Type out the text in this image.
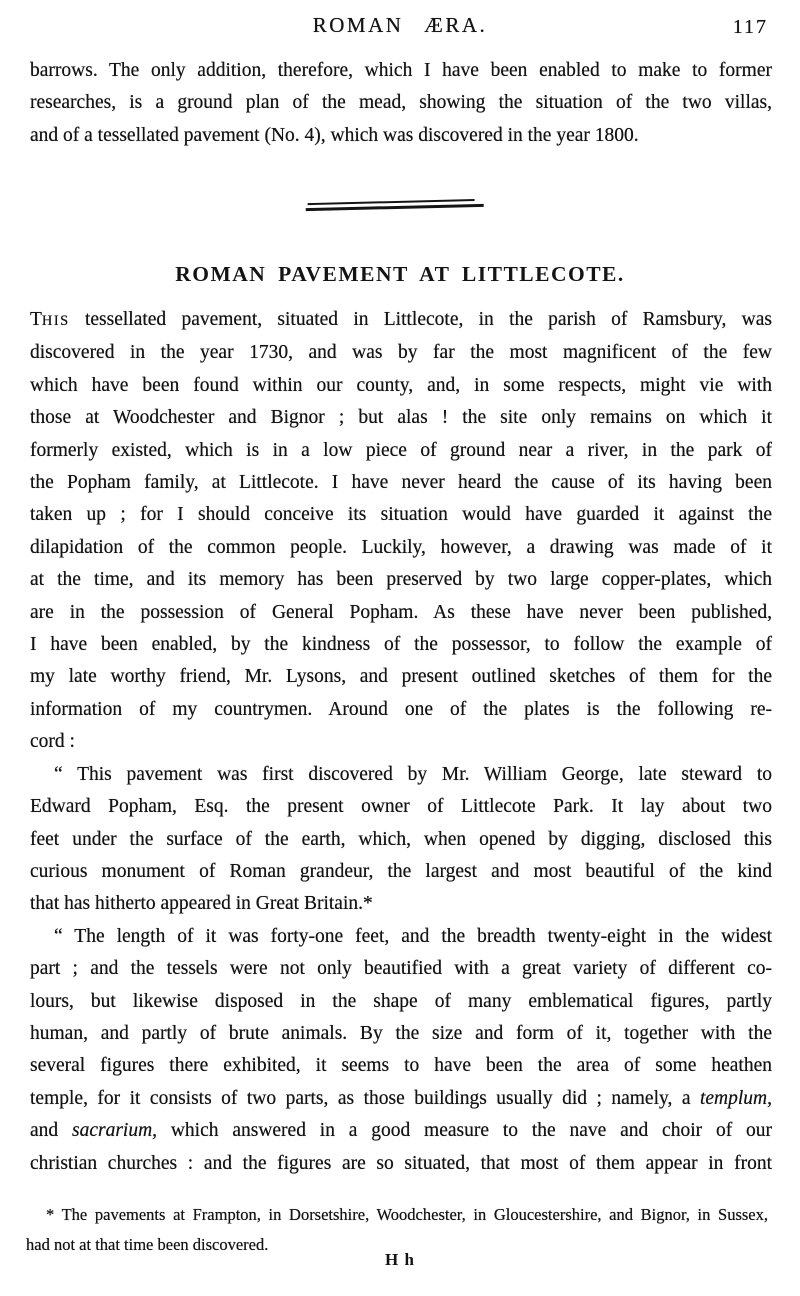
ROMAN ÆRA.	117
barrows. The only addition, therefore, which I have been enabled to make to former
researches, is a ground plan of the mead, showing the situation of the two villas,
and of a tessellated pavement (No. 4), which was discovered in the year 1800.
ROMAN PAVEMENT AT LITTLECOTE.
THIS tessellated pavement, situated in Littlecote, in the parish of Ramsbury, was
discovered in the year 1730, and was by far the most magnificent of the few
which have been found within our county, and, in some respects, might vie with
those at Woodchester and Bignor ; but alas ! the site only remains on which it
formerly existed, which is in a low piece of ground near a river, in the park of
the Popham family, at Littlecote. I have never heard the cause of its having been
taken up ; for I should conceive its situation would have guarded it against the
dilapidation of the common people. Luckily, however, a drawing was made of it
at the time, and its memory has been preserved by two large copper-plates, which
are in the possession of General Popham. As these have never been published,
I have been enabled, by the kindness of the possessor, to follow the example of
my late worthy friend, Mr. Lysons, and present outlined sketches of them for the
information of my countrymen. Around one of the plates is the following re-
cord :
“ This pavement was first discovered by Mr. William George, late steward to
Edward Popham, Esq. the present owner of Littlecote Park. It lay about two
feet under the surface of the earth, which, when opened by digging, disclosed this
curious monument of Roman grandeur, the largest and most beautiful of the kind
that has hitherto appeared in Great Britain.*
“ The length of it was forty-one feet, and the breadth twenty-eight in the widest
part ; and the tessels were not only beautified with a great variety of different co-
lours, but likewise disposed in the shape of many emblematical figures, partly
human, and partly of brute animals. By the size and form of it, together with the
several figures there exhibited, it seems to have been the area of some heathen
temple, for it consists of two parts, as those buildings usually did ; namely, a templum,
and sacrarium, which answered in a good measure to the nave and choir of our
christian churches : and the figures are so situated, that most of them appear in front
* The pavements at Frampton, in Dorsetshire, Woodchester, in Gloucestershire, and Bignor, in Sussex,
had not at that time been discovered.
H h
